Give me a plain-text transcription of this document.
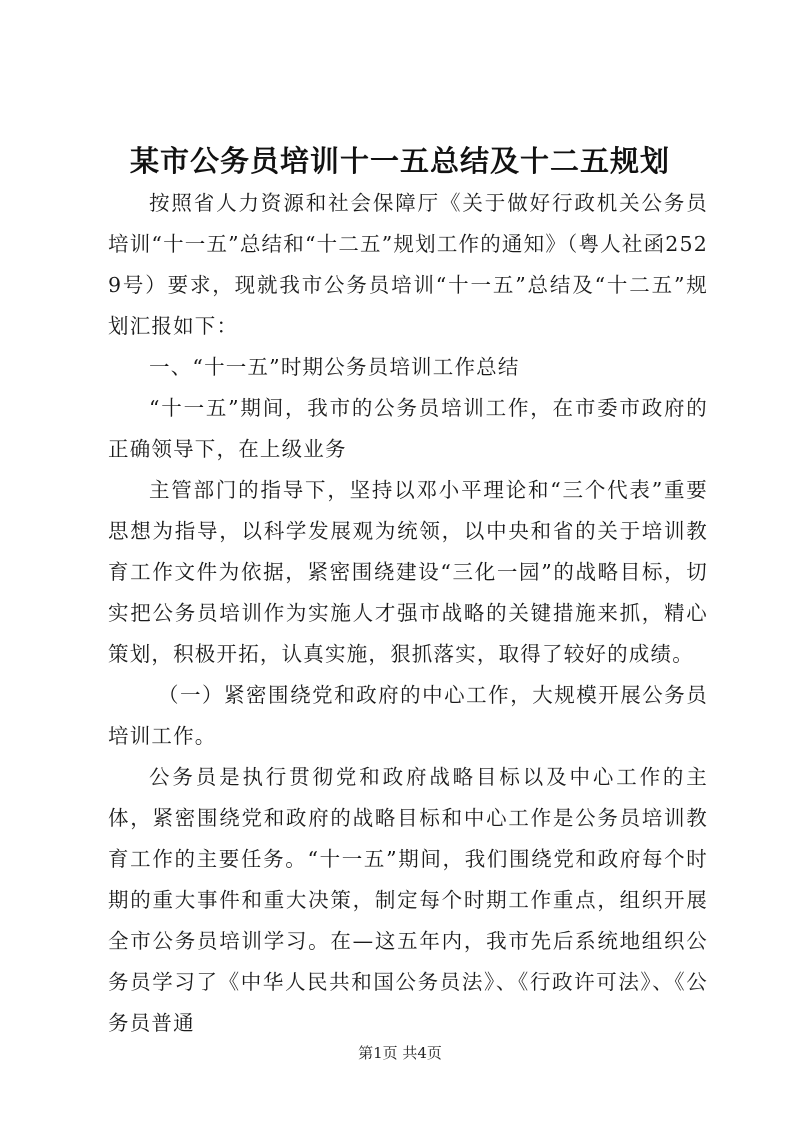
某市公务员培训十一五总结及十二五规划

按照省人力资源和社会保障厅《关于做好行政机关公务员培训“十一五”总结和“十二五”规划工作的通知》（粤人社函2529号）要求，现就我市公务员培训“十一五”总结及“十二五”规划汇报如下：

一、“十一五”时期公务员培训工作总结

“十一五”期间，我市的公务员培训工作，在市委市政府的正确领导下，在上级业务

主管部门的指导下，坚持以邓小平理论和“三个代表”重要思想为指导，以科学发展观为统领，以中央和省的关于培训教育工作文件为依据，紧密围绕建设“三化一园”的战略目标，切实把公务员培训作为实施人才强市战略的关键措施来抓，精心策划，积极开拓，认真实施，狠抓落实，取得了较好的成绩。

（一）紧密围绕党和政府的中心工作，大规模开展公务员培训工作。

公务员是执行贯彻党和政府战略目标以及中心工作的主体，紧密围绕党和政府的战略目标和中心工作是公务员培训教育工作的主要任务。“十一五”期间，我们围绕党和政府每个时期的重大事件和重大决策，制定每个时期工作重点，组织开展全市公务员培训学习。在—这五年内，我市先后系统地组织公务员学习了《中华人民共和国公务员法》、《行政许可法》、《公务员普通

第1页 共4页
